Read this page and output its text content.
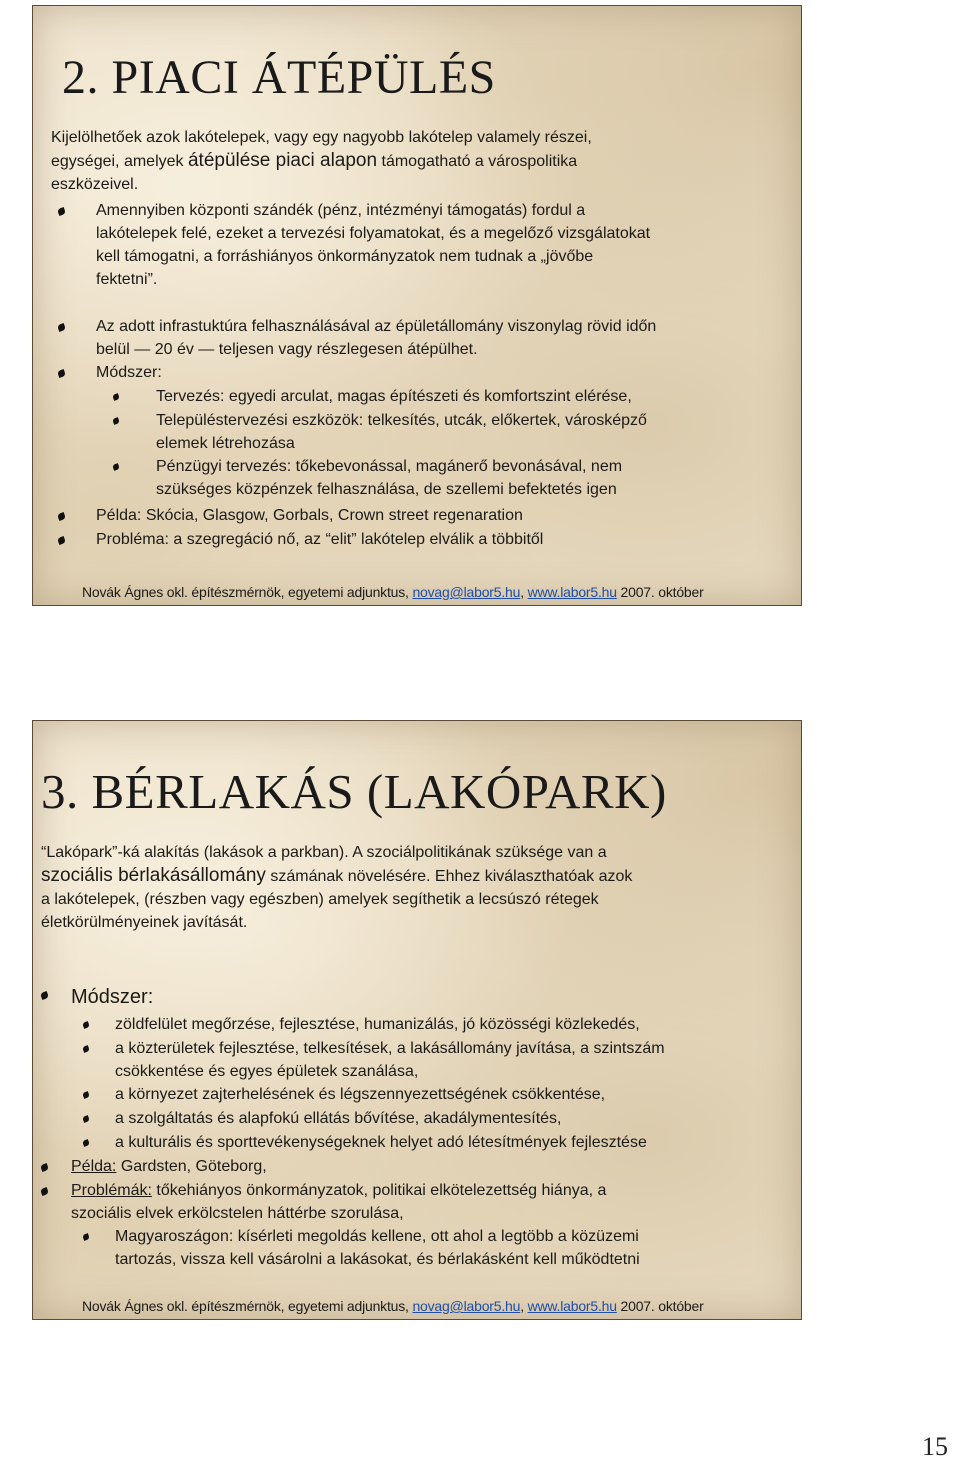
2. PIACI ÁTÉPÜLÉS
Kijelölhetőek azok lakótelepek, vagy egy nagyobb lakótelep valamely részei,
egységei, amelyek átépülése piaci alapon támogatható a várospolitika
eszközeivel.
Amennyiben központi szándék (pénz, intézményi támogatás) fordul a
lakótelepek felé, ezeket a tervezési folyamatokat, és a megelőző vizsgálatokat
kell támogatni, a forráshiányos önkormányzatok nem tudnak a „jövőbe
fektetni”.
Az adott infrastuktúra felhasználásával az épületállomány viszonylag rövid időn
belül — 20 év — teljesen vagy részlegesen átépülhet.
Módszer:
Tervezés: egyedi arculat, magas építészeti és komfortszint elérése,
Településtervezési eszközök: telkesítés, utcák, előkertek, városképző
elemek létrehozása
Pénzügyi tervezés: tőkebevonással, magánerő bevonásával, nem
szükséges közpénzek felhasználása, de szellemi befektetés igen
Példa: Skócia, Glasgow, Gorbals, Crown street regenaration
Probléma: a szegregáció nő, az “elit” lakótelep elválik a többitől
Novák Ágnes okl. építészmérnök, egyetemi adjunktus, novag@labor5.hu, www.labor5.hu 2007. október
3. BÉRLAKÁS (LAKÓPARK)
“Lakópark”-ká alakítás (lakások a parkban). A szociálpolitikának szüksége van a
szociális bérlakásállomány számának növelésére. Ehhez kiválaszthatóak azok
a lakótelepek, (részben vagy egészben) amelyek segíthetik a lecsúszó rétegek
életkörülményeinek javítását.
Módszer:
zöldfelület megőrzése, fejlesztése, humanizálás, jó közösségi közlekedés,
a közterületek fejlesztése, telkesítések, a lakásállomány javítása, a szintszám
csökkentése és egyes épületek szanálása,
a környezet zajterhelésének és légszennyezettségének csökkentése,
a szolgáltatás és alapfokú ellátás bővítése, akadálymentesítés,
a kulturális és sporttevékenységeknek helyet adó létesítmények fejlesztése
Példa: Gardsten, Göteborg,
Problémák: tőkehiányos önkormányzatok, politikai elkötelezettség hiánya, a
szociális elvek erkölcstelen háttérbe szorulása,
Magyaroszágon: kísérleti megoldás kellene, ott ahol a legtöbb a közüzemi
tartozás, vissza kell vásárolni a lakásokat, és bérlakásként kell működtetni
Novák Ágnes okl. építészmérnök, egyetemi adjunktus, novag@labor5.hu, www.labor5.hu 2007. október
15
